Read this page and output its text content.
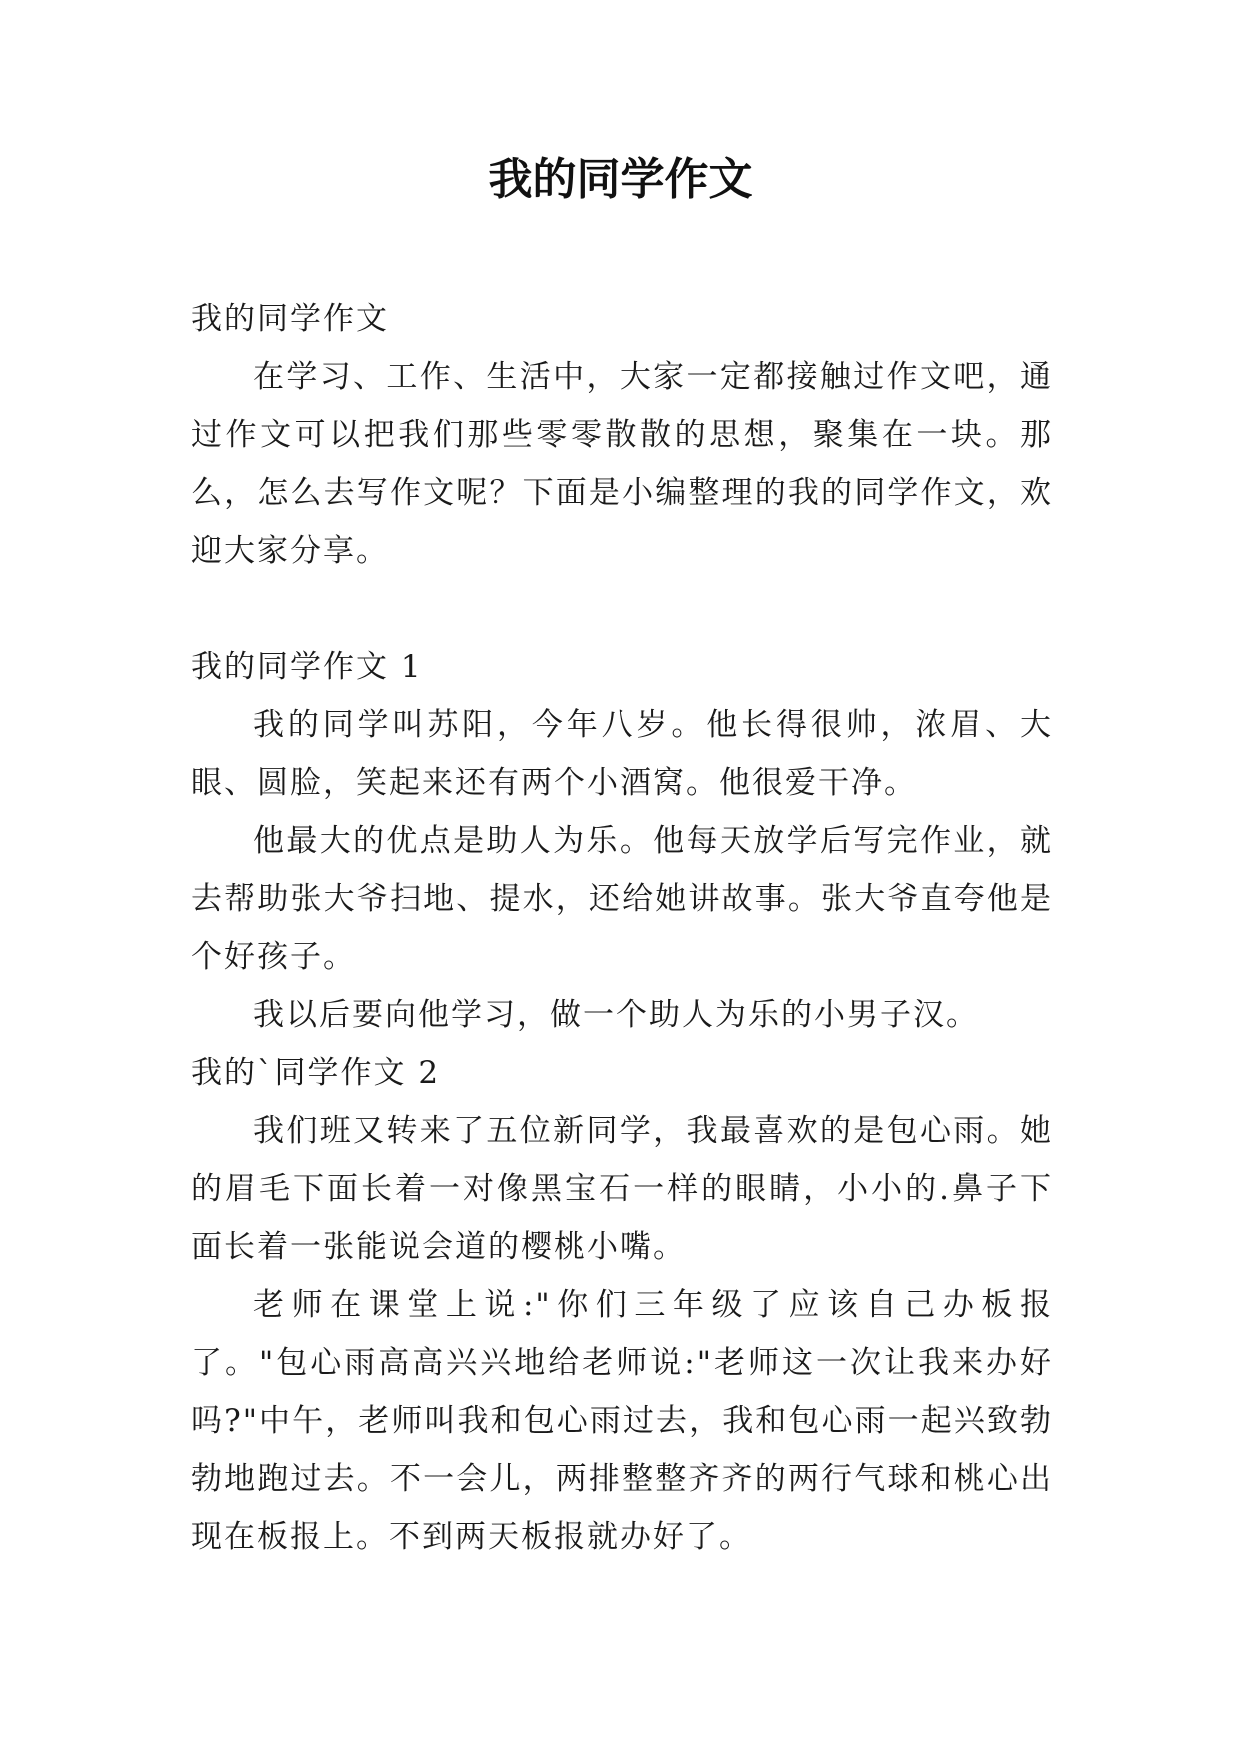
我的同学作文
我的同学作文

在学习、工作、生活中，大家一定都接触过作文吧，通过作文可以把我们那些零零散散的思想，聚集在一块。那么，怎么去写作文呢？下面是小编整理的我的同学作文，欢迎大家分享。

我的同学作文 1

我的同学叫苏阳，今年八岁。他长得很帅，浓眉、大眼、圆脸，笑起来还有两个小酒窝。他很爱干净。

他最大的优点是助人为乐。他每天放学后写完作业，就去帮助张大爷扫地、提水，还给她讲故事。张大爷直夸他是个好孩子。

我以后要向他学习，做一个助人为乐的小男子汉。

我的`同学作文 2

我们班又转来了五位新同学，我最喜欢的是包心雨。她的眉毛下面长着一对像黑宝石一样的眼睛，小小的.鼻子下面长着一张能说会道的樱桃小嘴。

老师在课堂上说:"你们三年级了应该自己办板报了。"包心雨高高兴兴地给老师说:"老师这一次让我来办好吗?"中午，老师叫我和包心雨过去，我和包心雨一起兴致勃勃地跑过去。不一会儿，两排整整齐齐的两行气球和桃心出现在板报上。不到两天板报就办好了。
